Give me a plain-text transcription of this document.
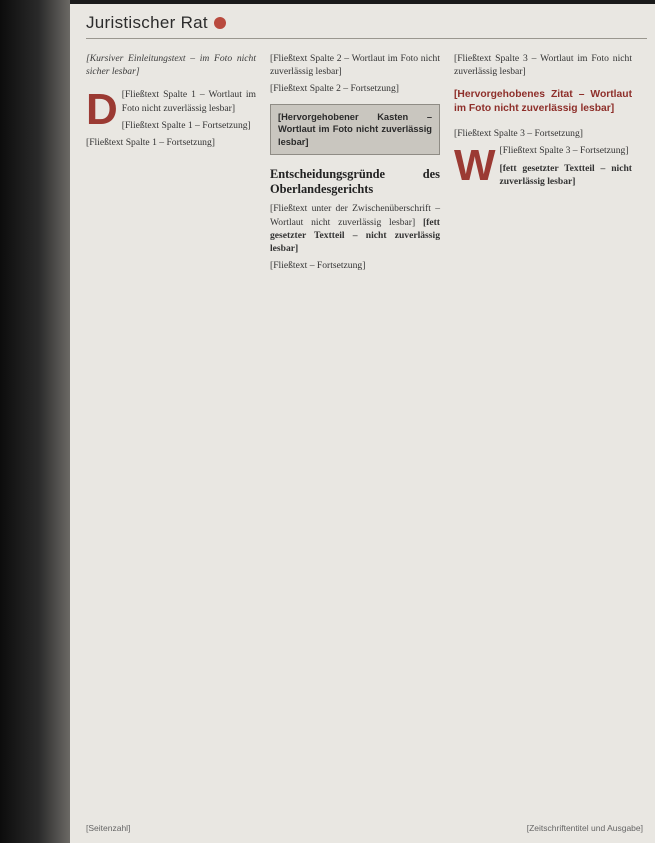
Juristischer Rat

[Kursiver Einleitungstext – im Foto nicht sicher lesbar]

D [Fließtext Spalte 1 – Wortlaut im Foto nicht zuverlässig lesbar]

[Fließtext Spalte 1 – Fortsetzung]

[Fließtext Spalte 1 – Fortsetzung]

[Fließtext Spalte 2 – Wortlaut im Foto nicht zuverlässig lesbar]

[Fließtext Spalte 2 – Fortsetzung]

[Hervorgehobener Kasten – Wortlaut im Foto nicht zuverlässig lesbar]
Entscheidungsgründe des Oberlandesgerichts

[Fließtext unter der Zwischenüberschrift – Wortlaut nicht zuverlässig lesbar] [fett gesetzter Textteil – nicht zuverlässig lesbar]

[Fließtext – Fortsetzung]

[Fließtext Spalte 3 – Wortlaut im Foto nicht zuverlässig lesbar]

[Hervorgehobenes Zitat – Wortlaut im Foto nicht zuverlässig lesbar]

[Fließtext Spalte 3 – Fortsetzung]

W [Fließtext Spalte 3 – Fortsetzung]

[fett gesetzter Textteil – nicht zuverlässig lesbar]

[Seitenzahl]	[Zeitschriftentitel und Ausgabe]
